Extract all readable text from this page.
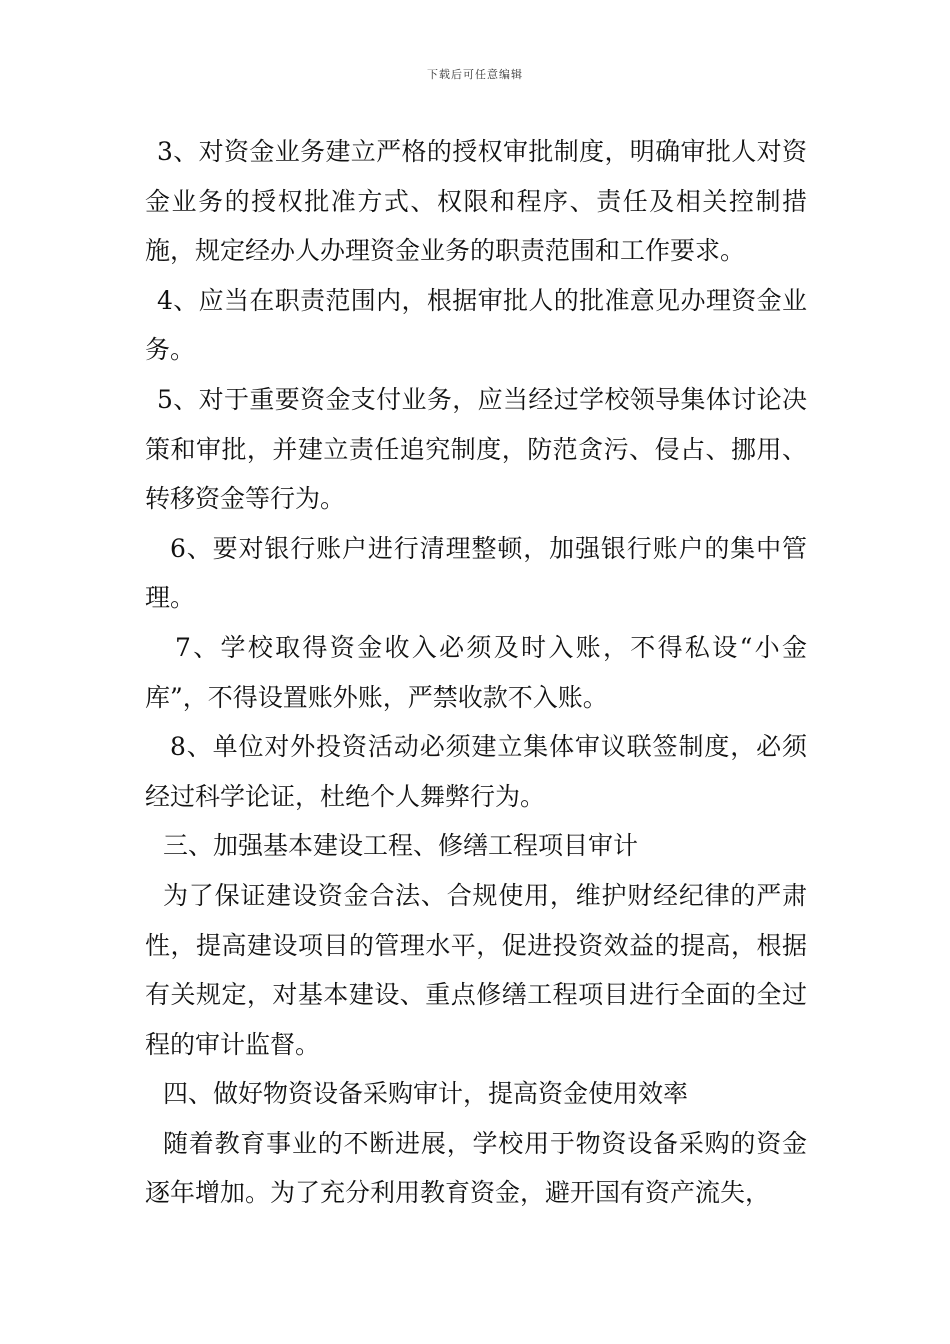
下载后可任意编辑

3、对资金业务建立严格的授权审批制度，明确审批人对资金业务的授权批准方式、权限和程序、责任及相关控制措施，规定经办人办理资金业务的职责范围和工作要求。

4、应当在职责范围内，根据审批人的批准意见办理资金业务。

5、对于重要资金支付业务，应当经过学校领导集体讨论决策和审批，并建立责任追究制度，防范贪污、侵占、挪用、转移资金等行为。

6、要对银行账户进行清理整顿，加强银行账户的集中管理。

7、学校取得资金收入必须及时入账，不得私设“小金库”，不得设置账外账，严禁收款不入账。

8、单位对外投资活动必须建立集体审议联签制度，必须经过科学论证，杜绝个人舞弊行为。

三、加强基本建设工程、修缮工程项目审计

为了保证建设资金合法、合规使用，维护财经纪律的严肃性，提高建设项目的管理水平，促进投资效益的提高，根据有关规定，对基本建设、重点修缮工程项目进行全面的全过程的审计监督。

四、做好物资设备采购审计，提高资金使用效率

随着教育事业的不断进展，学校用于物资设备采购的资金逐年增加。为了充分利用教育资金，避开国有资产流失，
